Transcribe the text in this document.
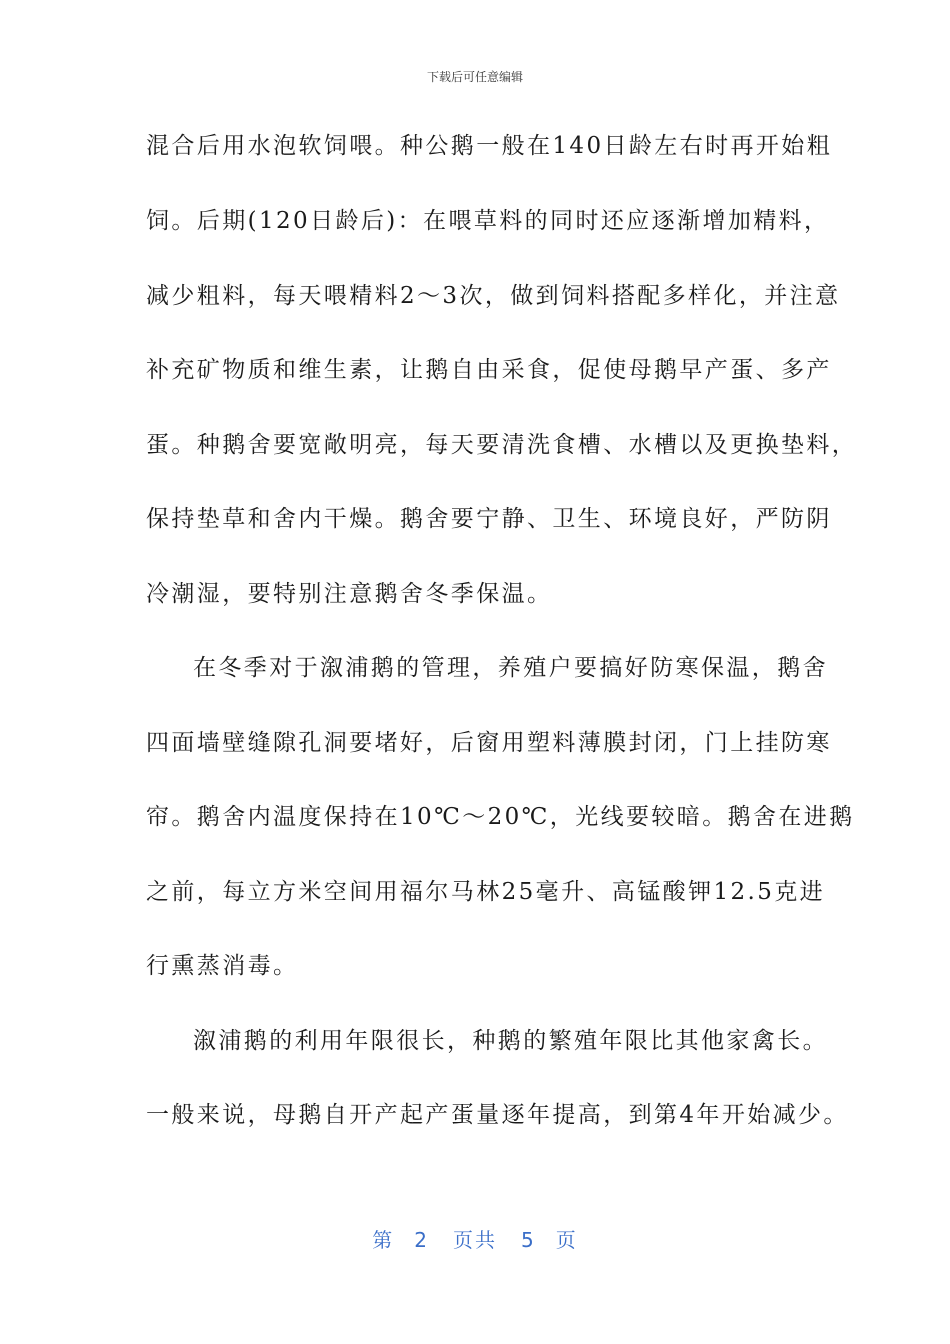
下载后可任意编辑
混合后用水泡软饲喂。种公鹅一般在140日龄左右时再开始粗
饲。后期(120日龄后)：在喂草料的同时还应逐渐增加精料，
减少粗料，每天喂精料2～3次，做到饲料搭配多样化，并注意
补充矿物质和维生素，让鹅自由采食，促使母鹅早产蛋、多产
蛋。种鹅舍要宽敞明亮，每天要清洗食槽、水槽以及更换垫料，
保持垫草和舍内干燥。鹅舍要宁静、卫生、环境良好，严防阴
冷潮湿，要特别注意鹅舍冬季保温。
在冬季对于溆浦鹅的管理，养殖户要搞好防寒保温，鹅舍
四面墙壁缝隙孔洞要堵好，后窗用塑料薄膜封闭，门上挂防寒
帘。鹅舍内温度保持在10℃～20℃，光线要较暗。鹅舍在进鹅
之前，每立方米空间用福尔马林25毫升、高锰酸钾12.5克进
行熏蒸消毒。
溆浦鹅的利用年限很长，种鹅的繁殖年限比其他家禽长。
一般来说，母鹅自开产起产蛋量逐年提高，到第4年开始减少。
第 2 页共 5 页
